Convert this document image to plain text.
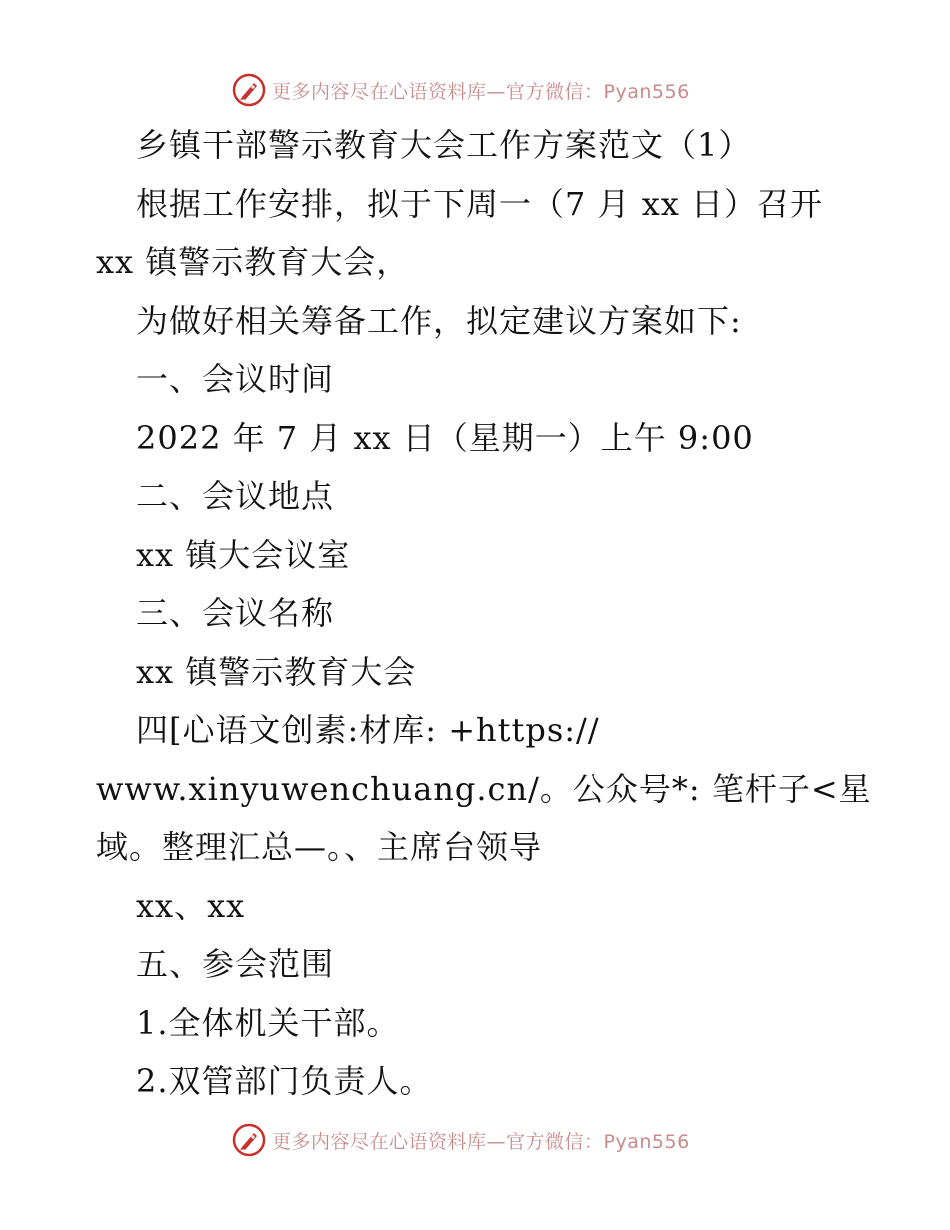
更多内容尽在心语资料库—官方微信：Pyan556
乡镇干部警示教育大会工作方案范文（1）
根据工作安排，拟于下周一（7 月 xx 日）召开
xx 镇警示教育大会，
为做好相关筹备工作，拟定建议方案如下:
一、会议时间
2022 年 7 月 xx 日（星期一）上午 9:00
二、会议地点
xx 镇大会议室
三、会议名称
xx 镇警示教育大会
四[心语文创素:材库: +https://
www.xinyuwenchuang.cn/。公众号*: 笔杆子<星
域。整理汇总—。、主席台领导
xx、xx
五、参会范围
1.全体机关干部。
2.双管部门负责人。
更多内容尽在心语资料库—官方微信：Pyan556
